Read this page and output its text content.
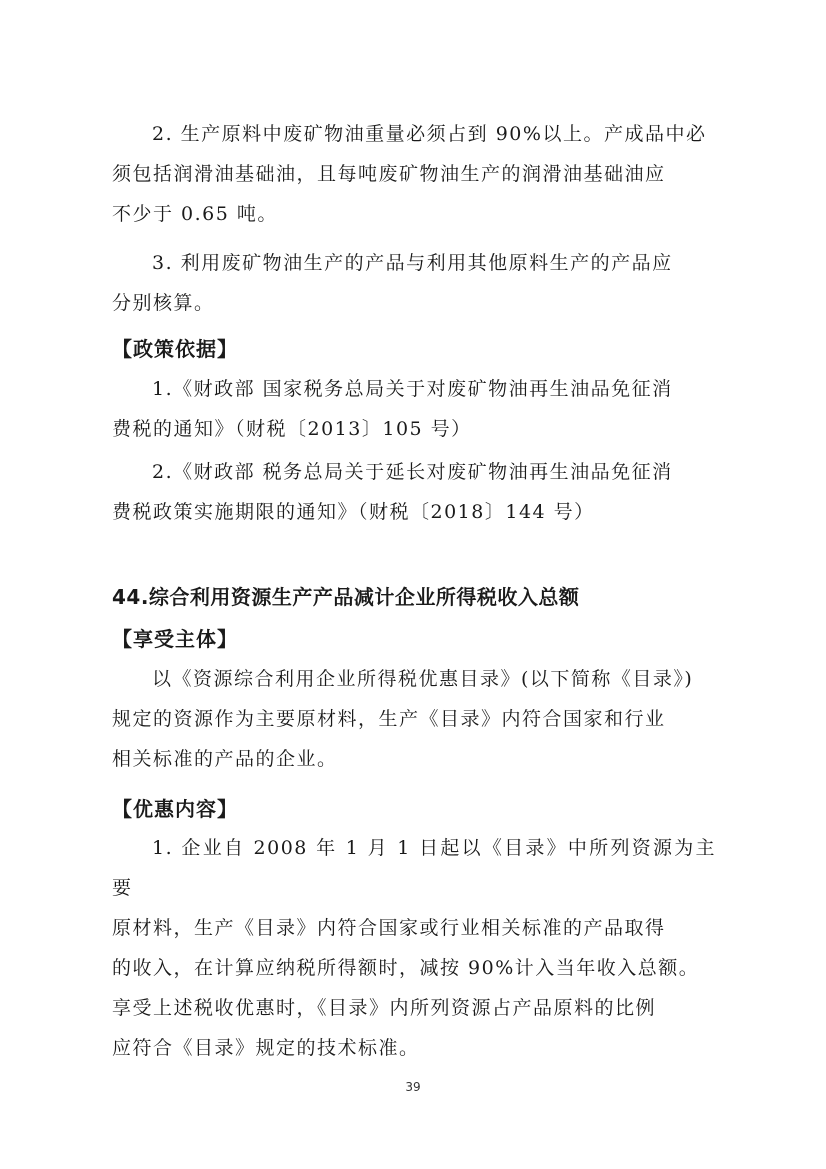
2. 生产原料中废矿物油重量必须占到 90%以上。产成品中必

须包括润滑油基础油，且每吨废矿物油生产的润滑油基础油应

不少于 0.65 吨。

3. 利用废矿物油生产的产品与利用其他原料生产的产品应

分别核算。

【政策依据】

1.《财政部 国家税务总局关于对废矿物油再生油品免征消

费税的通知》（财税〔2013〕105 号）

2.《财政部 税务总局关于延长对废矿物油再生油品免征消

费税政策实施期限的通知》（财税〔2018〕144 号）

44.综合利用资源生产产品减计企业所得税收入总额
【享受主体】

以《资源综合利用企业所得税优惠目录》(以下简称《目录》)

规定的资源作为主要原材料，生产《目录》内符合国家和行业

相关标准的产品的企业。

【优惠内容】

1. 企业自 2008 年 1 月 1 日起以《目录》中所列资源为主要

原材料，生产《目录》内符合国家或行业相关标准的产品取得

的收入，在计算应纳税所得额时，减按 90%计入当年收入总额。

享受上述税收优惠时，《目录》内所列资源占产品原料的比例

应符合《目录》规定的技术标准。

39
